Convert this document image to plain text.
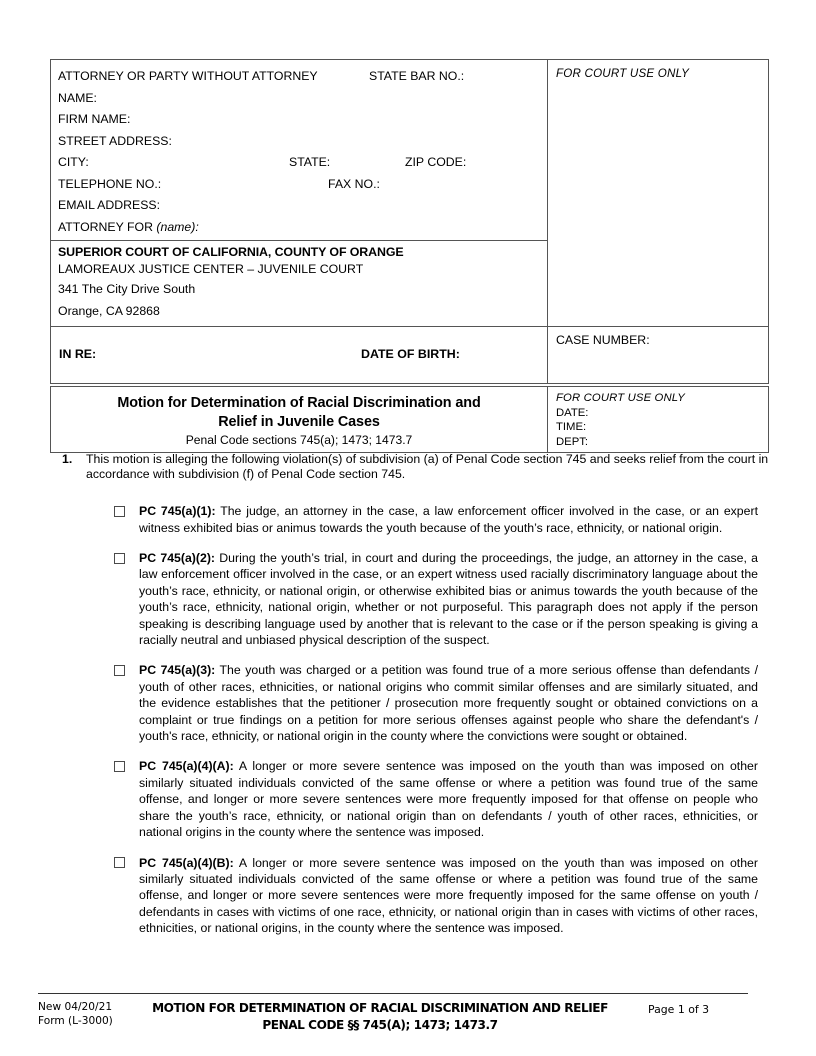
ATTORNEY OR PARTY WITHOUT ATTORNEY	STATE BAR NO.:
NAME:
FIRM NAME:
STREET ADDRESS:
CITY:	STATE:	ZIP CODE:
TELEPHONE NO.:	FAX NO.:
EMAIL ADDRESS:
ATTORNEY FOR (name):

FOR COURT USE ONLY

SUPERIOR COURT OF CALIFORNIA, COUNTY OF ORANGE
LAMOREAUX JUSTICE CENTER – JUVENILE COURT
341 The City Drive South
Orange, CA 92868	

IN RE: DATE OF BIRTH:	CASE NUMBER:
Motion for Determination of Racial Discrimination and
Relief in Juvenile Cases
Penal Code sections 745(a); 1473; 1473.7

FOR COURT USE ONLY
DATE:
TIME:
DEPT:
1. This motion is alleging the following violation(s) of subdivision (a) of Penal Code section 745 and seeks relief from the court in accordance with subdivision (f) of Penal Code section 745.
PC 745(a)(1): The judge, an attorney in the case, a law enforcement officer involved in the case, or an expert witness exhibited bias or animus towards the youth because of the youth’s race, ethnicity, or national origin.
PC 745(a)(2): During the youth’s trial, in court and during the proceedings, the judge, an attorney in the case, a law enforcement officer involved in the case, or an expert witness used racially discriminatory language about the youth’s race, ethnicity, or national origin, or otherwise exhibited bias or animus towards the youth because of the youth’s race, ethnicity, national origin, whether or not purposeful. This paragraph does not apply if the person speaking is describing language used by another that is relevant to the case or if the person speaking is giving a racially neutral and unbiased physical description of the suspect.
PC 745(a)(3): The youth was charged or a petition was found true of a more serious offense than defendants / youth of other races, ethnicities, or national origins who commit similar offenses and are similarly situated, and the evidence establishes that the petitioner / prosecution more frequently sought or obtained convictions on a complaint or true findings on a petition for more serious offenses against people who share the defendant's / youth's race, ethnicity, or national origin in the county where the convictions were sought or obtained.
PC 745(a)(4)(A): A longer or more severe sentence was imposed on the youth than was imposed on other similarly situated individuals convicted of the same offense or where a petition was found true of the same offense, and longer or more severe sentences were more frequently imposed for that offense on people who share the youth’s race, ethnicity, or national origin than on defendants / youth of other races, ethnicities, or national origins in the county where the sentence was imposed.
PC 745(a)(4)(B): A longer or more severe sentence was imposed on the youth than was imposed on other similarly situated individuals convicted of the same offense or where a petition was found true of the same offense, and longer or more severe sentences were more frequently imposed for the same offense on youth / defendants in cases with victims of one race, ethnicity, or national origin than in cases with victims of other races, ethnicities, or national origins, in the county where the sentence was imposed.
New 04/20/21
Form (L-3000)
MOTION FOR DETERMINATION OF RACIAL DISCRIMINATION AND RELIEF
PENAL CODE §§ 745(A); 1473; 1473.7
Page 1 of 3
